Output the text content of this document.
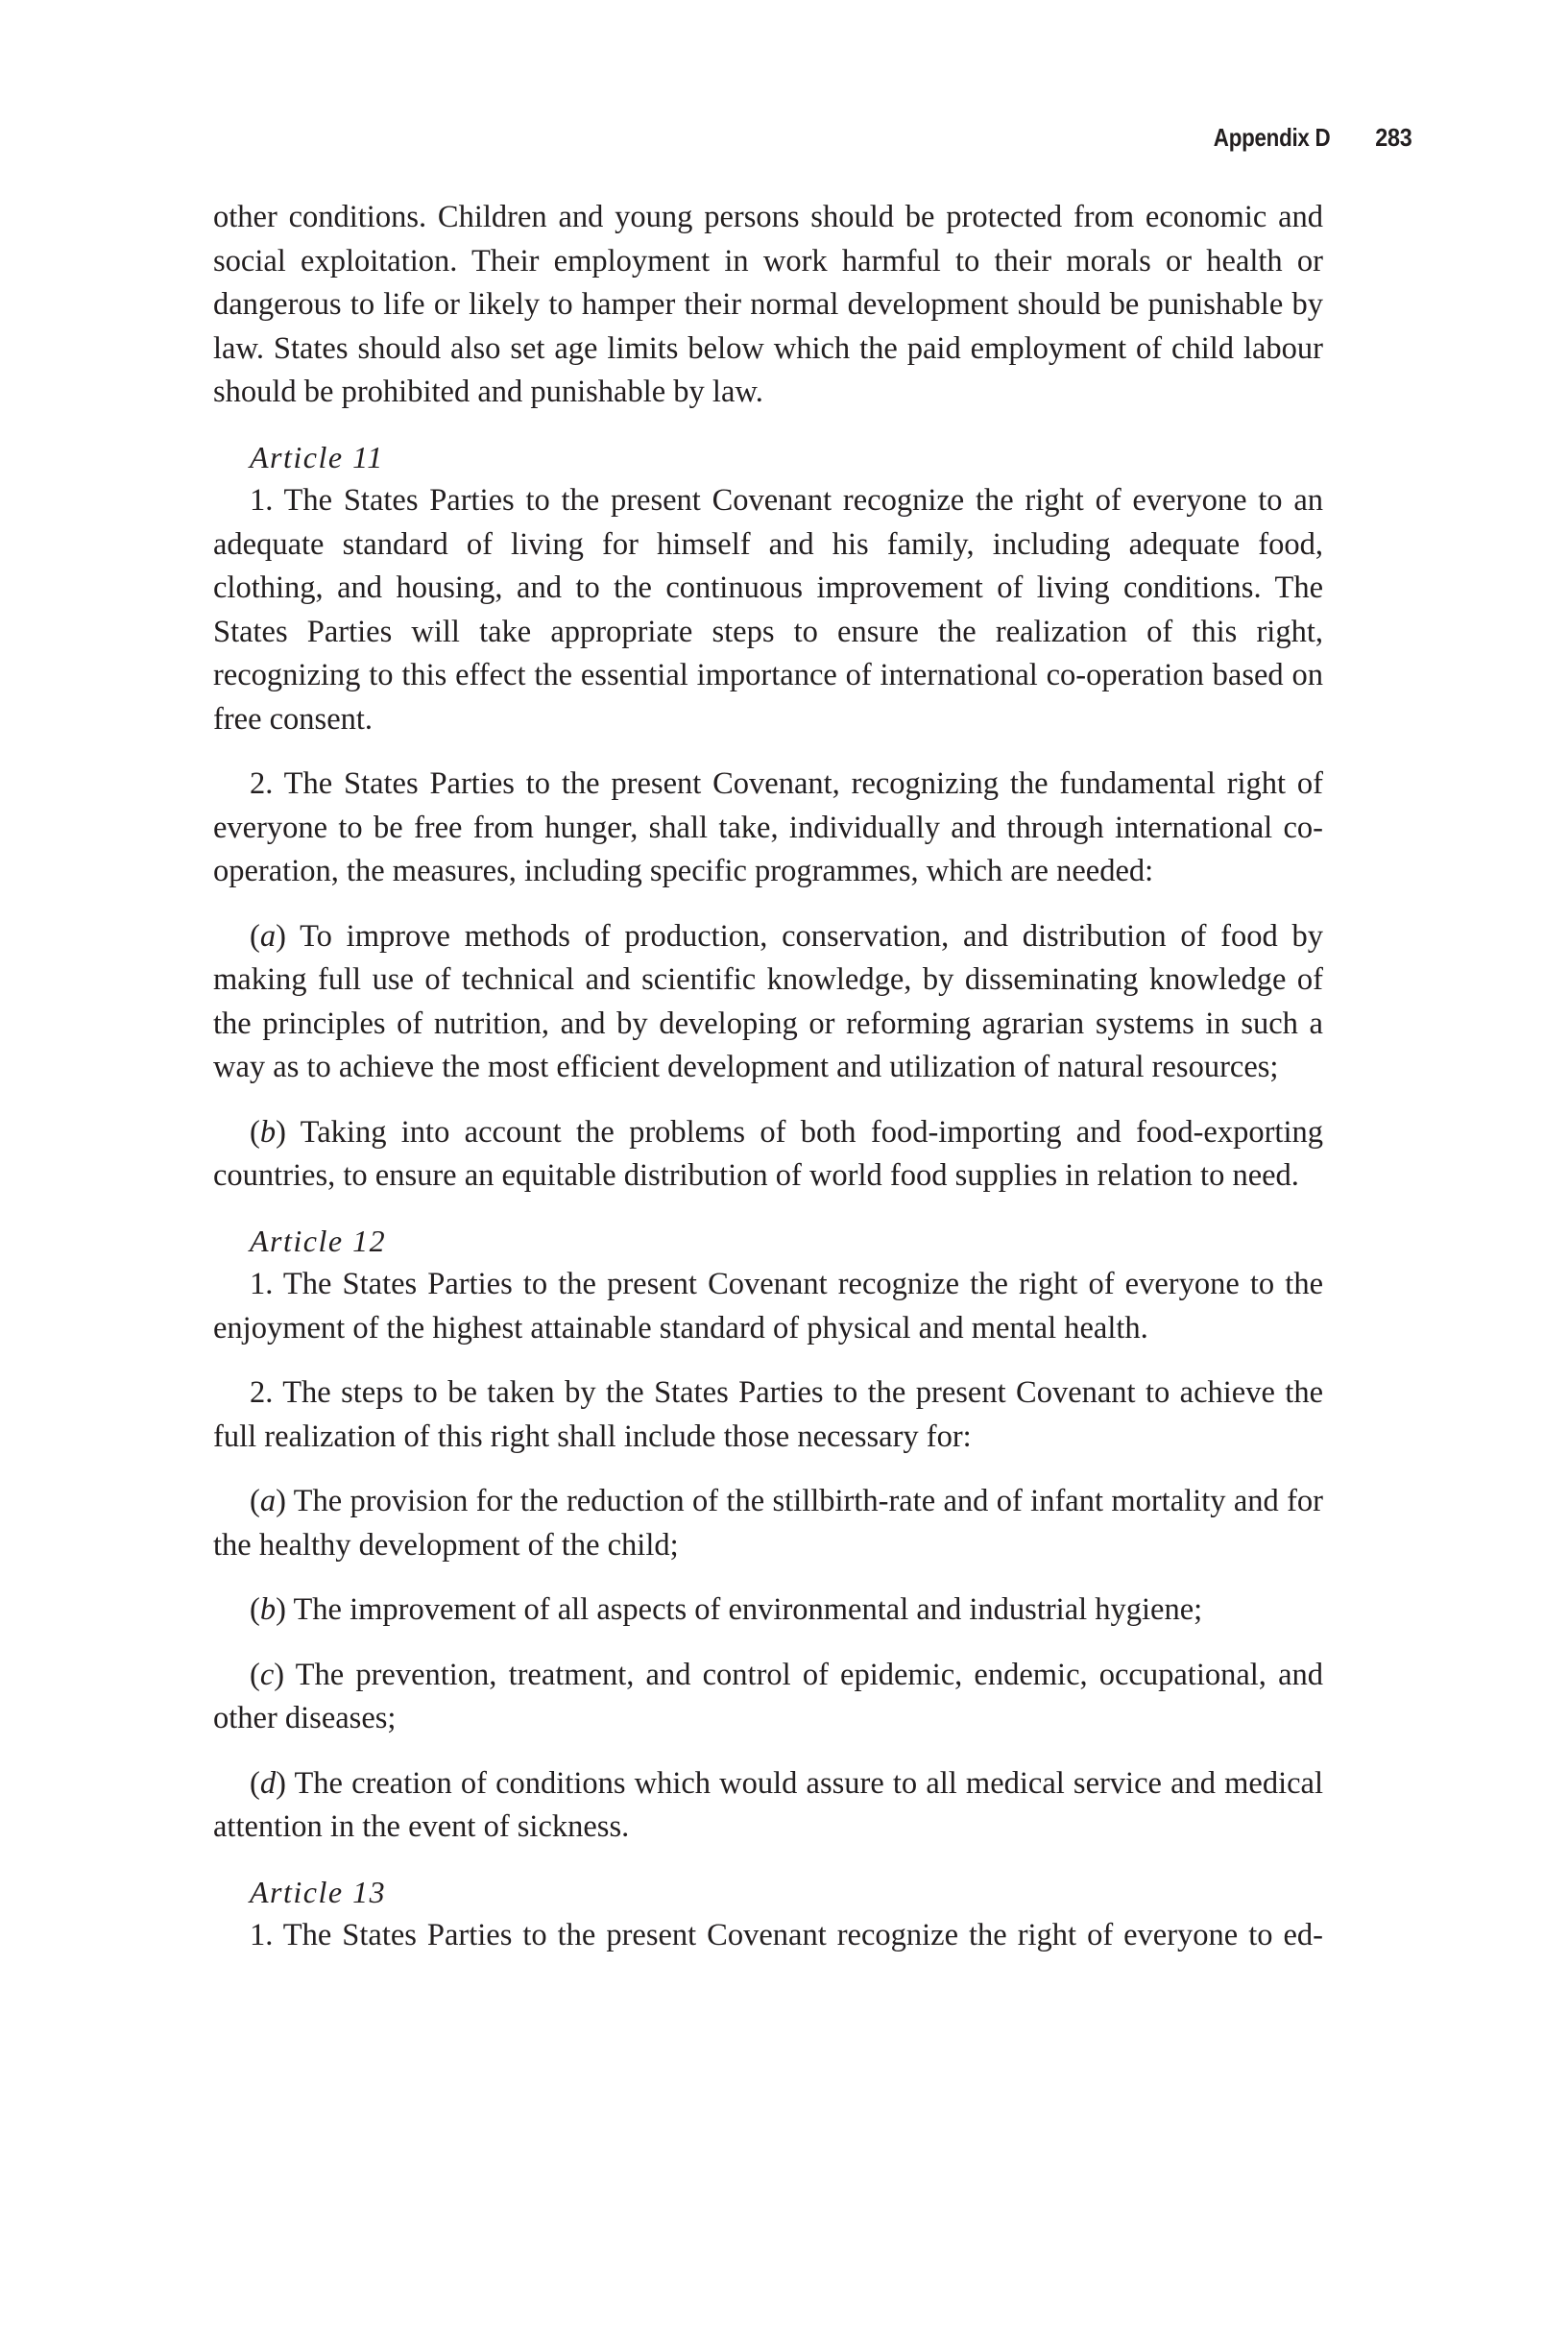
Appendix D 283

other conditions. Children and young persons should be protected from economic and social exploitation. Their employment in work harmful to their morals or health or dangerous to life or likely to hamper their normal development should be punishable by law. States should also set age limits below which the paid employment of child labour should be prohibited and punishable by law.

Article 11

1. The States Parties to the present Covenant recognize the right of everyone to an adequate standard of living for himself and his family, including adequate food, clothing, and housing, and to the continuous improvement of living conditions. The States Parties will take appropriate steps to ensure the realization of this right, recognizing to this effect the essential importance of international co-operation based on free consent.

2. The States Parties to the present Covenant, recognizing the fundamental right of everyone to be free from hunger, shall take, individually and through international co-operation, the measures, including specific programmes, which are needed:

(a) To improve methods of production, conservation, and distribution of food by making full use of technical and scientific knowledge, by disseminating knowledge of the principles of nutrition, and by developing or reforming agrarian systems in such a way as to achieve the most efficient development and utilization of natural resources;

(b) Taking into account the problems of both food-importing and food-exporting countries, to ensure an equitable distribution of world food supplies in relation to need.

Article 12

1. The States Parties to the present Covenant recognize the right of everyone to the enjoyment of the highest attainable standard of physical and mental health.

2. The steps to be taken by the States Parties to the present Covenant to achieve the full realization of this right shall include those necessary for:

(a) The provision for the reduction of the stillbirth-rate and of infant mortality and for the healthy development of the child;

(b) The improvement of all aspects of environmental and industrial hygiene;

(c) The prevention, treatment, and control of epidemic, endemic, occupational, and other diseases;

(d) The creation of conditions which would assure to all medical service and medical attention in the event of sickness.

Article 13

1. The States Parties to the present Covenant recognize the right of everyone to ed-
